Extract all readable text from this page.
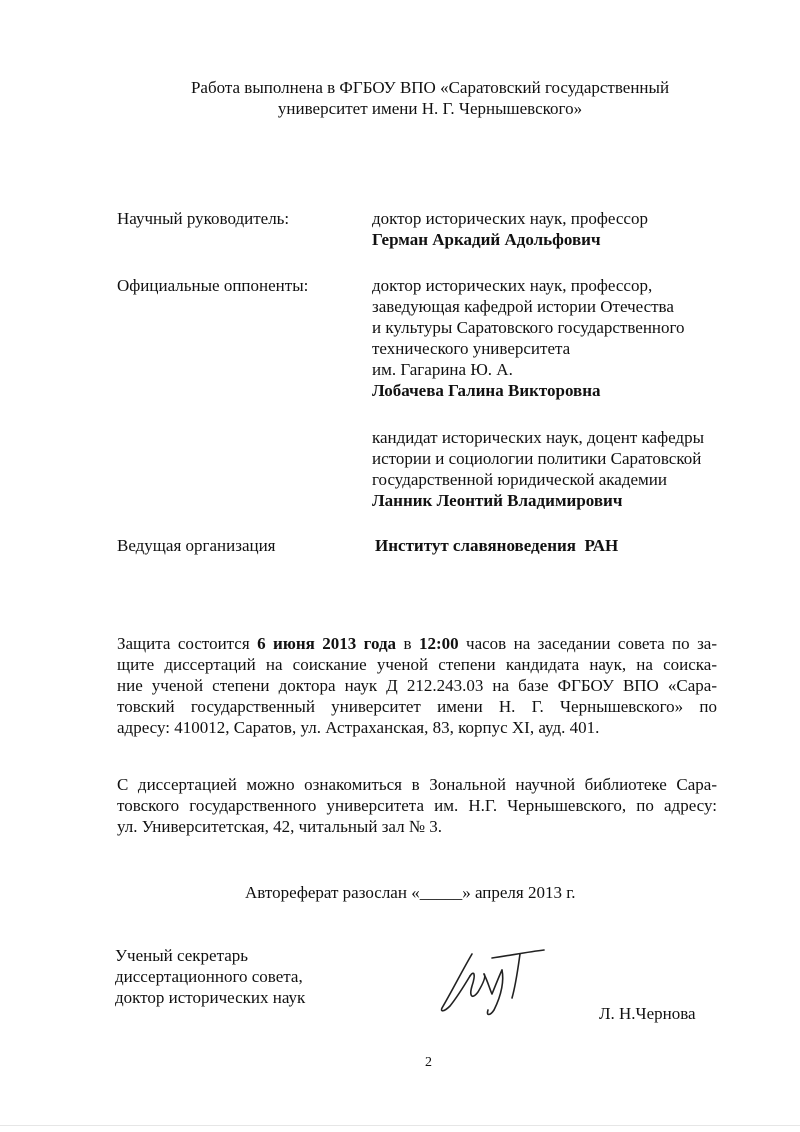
Работа выполнена в ФГБОУ ВПО «Саратовский государственный
университет имени Н. Г. Чернышевского»
Научный руководитель:	доктор исторических наук, профессор
Герман Аркадий Адольфович
Официальные оппоненты:	доктор исторических наук, профессор,
заведующая кафедрой истории Отечества
и культуры Саратовского государственного
технического университета
им. Гагарина Ю. А.
Лобачева Галина Викторовна
кандидат исторических наук, доцент кафедры
истории и социологии политики Саратовской
государственной юридической академии
Ланник Леонтий Владимирович
Ведущая организация	Институт славяноведения  РАН
Защита состоится 6 июня 2013 года в 12:00 часов на заседании совета по за-
щите диссертаций на соискание ученой степени кандидата наук, на соиска-
ние ученой степени доктора наук Д 212.243.03 на базе ФГБОУ ВПО «Сара-
товский государственный университет имени Н. Г. Чернышевского» по
адресу: 410012, Саратов, ул. Астраханская, 83, корпус XI, ауд. 401.
С диссертацией можно ознакомиться в Зональной научной библиотеке Сара-
товского государственного университета им. Н.Г. Чернышевского, по адресу:
ул. Университетская, 42, читальный зал № 3.
Автореферат разослан «_____» апреля 2013 г.
Ученый секретарь
диссертационного совета,
доктор исторических наук
Л. Н.Чернова
2
